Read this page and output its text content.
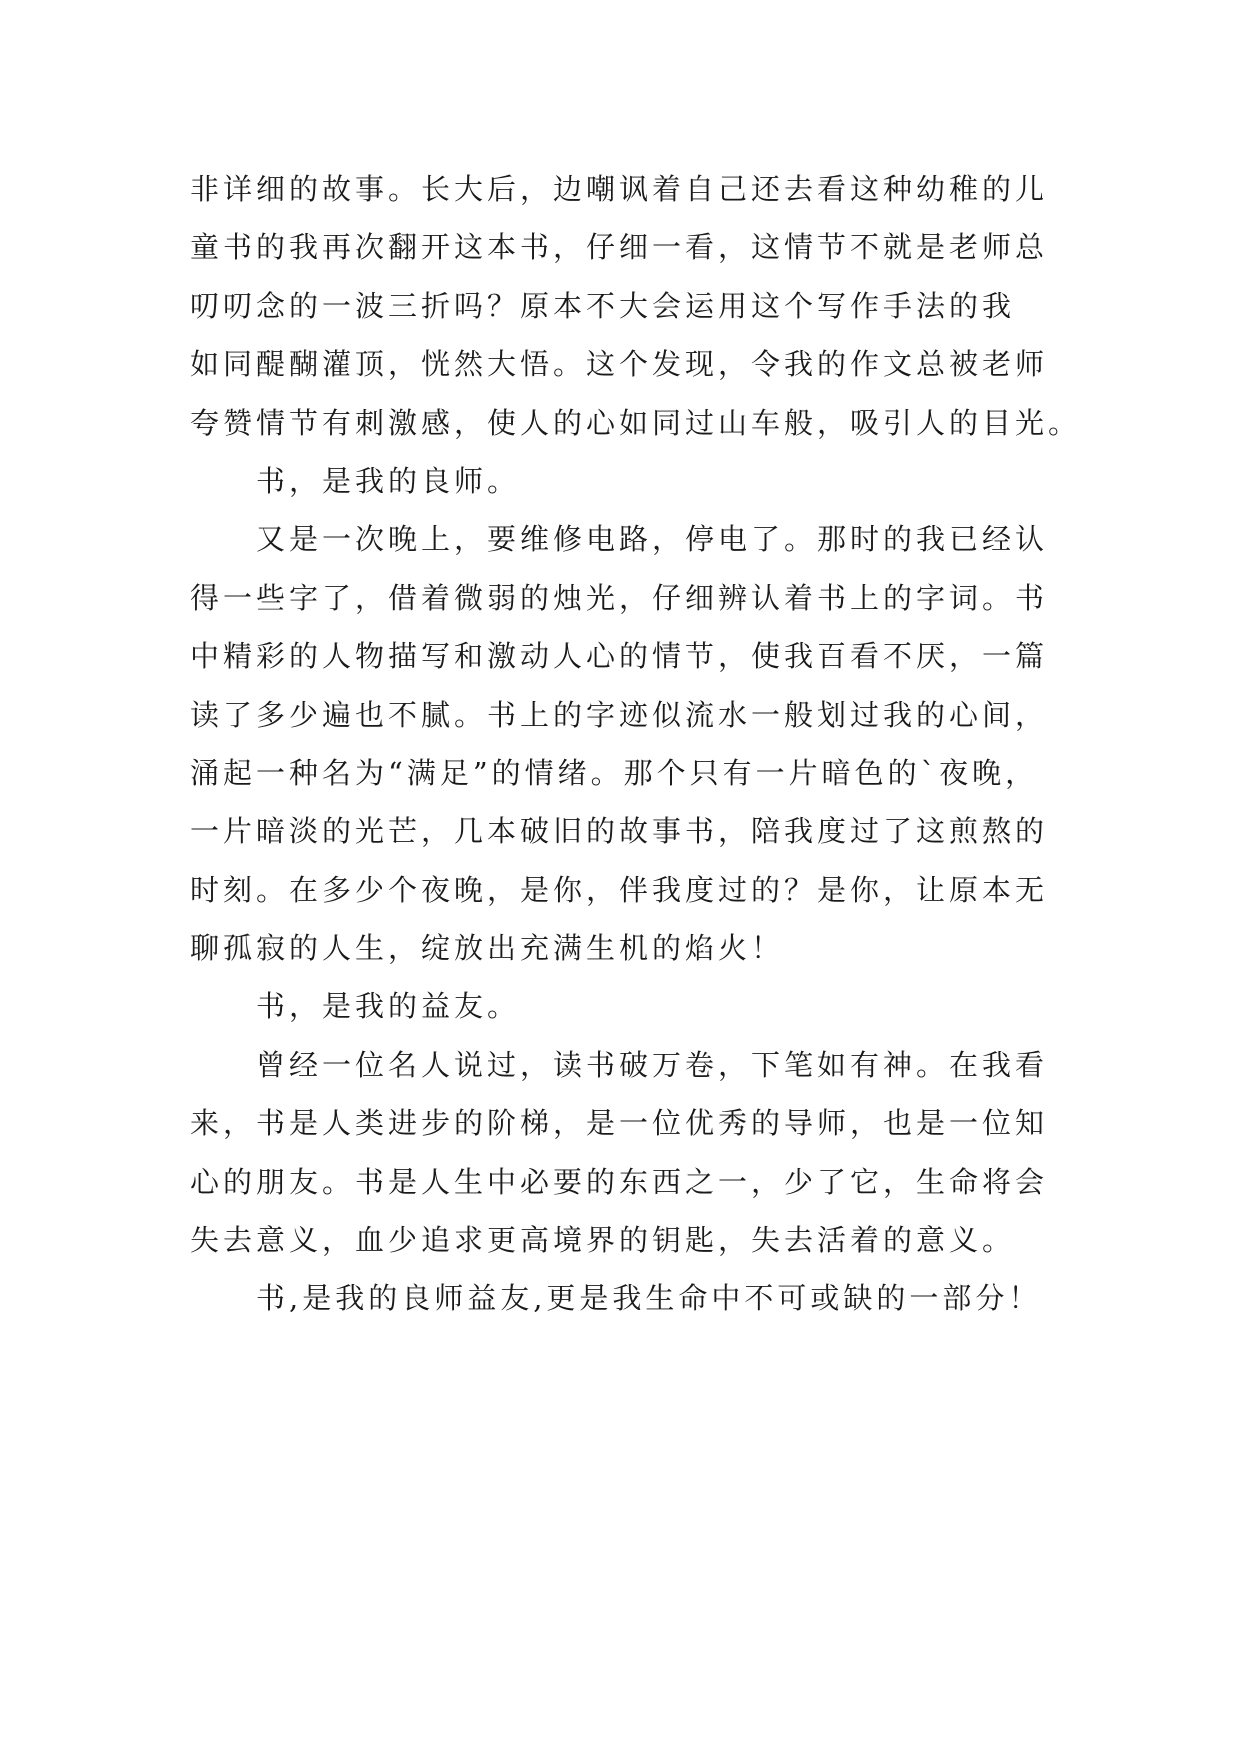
非详细的故事。长大后，边嘲讽着自己还去看这种幼稚的儿
童书的我再次翻开这本书，仔细一看，这情节不就是老师总
叨叨念的一波三折吗？原本不大会运用这个写作手法的我
如同醍醐灌顶，恍然大悟。这个发现，令我的作文总被老师
夸赞情节有刺激感，使人的心如同过山车般，吸引人的目光。
书，是我的良师。
又是一次晚上，要维修电路，停电了。那时的我已经认
得一些字了，借着微弱的烛光，仔细辨认着书上的字词。书
中精彩的人物描写和激动人心的情节，使我百看不厌，一篇
读了多少遍也不腻。书上的字迹似流水一般划过我的心间，
涌起一种名为“满足”的情绪。那个只有一片暗色的`夜晚，
一片暗淡的光芒，几本破旧的故事书，陪我度过了这煎熬的
时刻。在多少个夜晚，是你，伴我度过的？是你，让原本无
聊孤寂的人生，绽放出充满生机的焰火！
书，是我的益友。
曾经一位名人说过，读书破万卷，下笔如有神。在我看
来，书是人类进步的阶梯，是一位优秀的导师，也是一位知
心的朋友。书是人生中必要的东西之一，少了它，生命将会
失去意义，血少追求更高境界的钥匙，失去活着的意义。
书,是我的良师益友,更是我生命中不可或缺的一部分！
